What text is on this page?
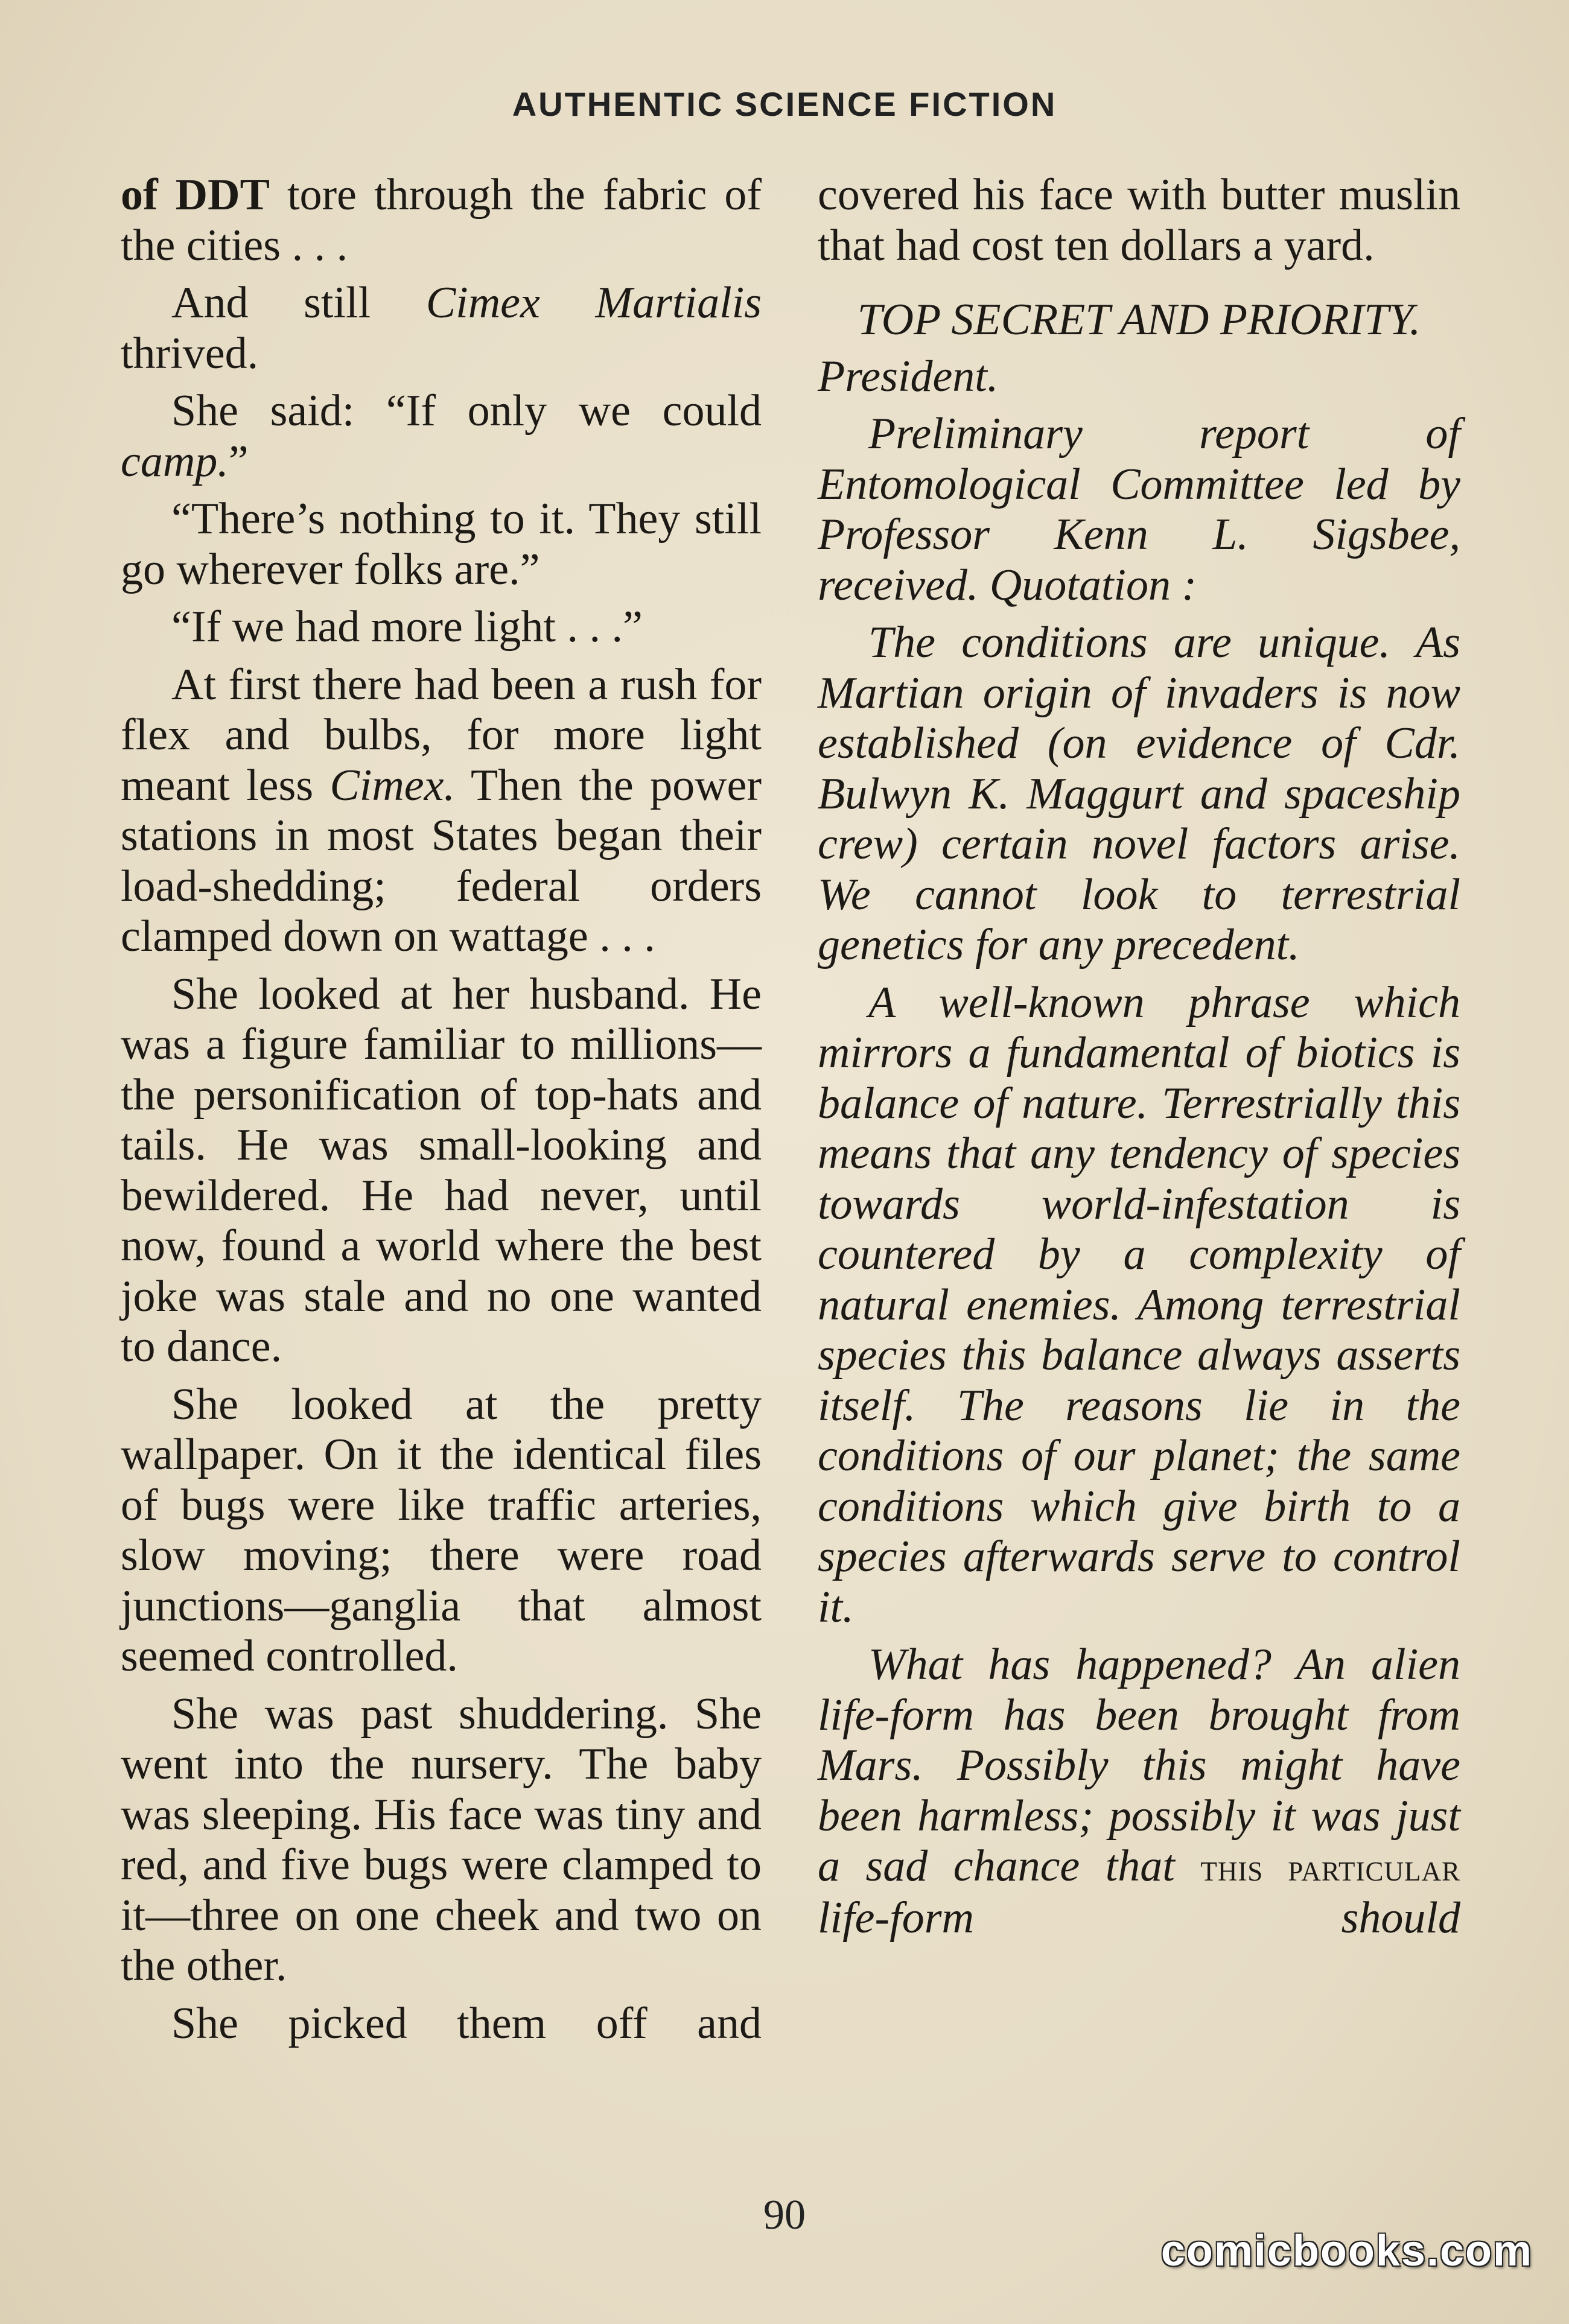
AUTHENTIC SCIENCE FICTION

of DDT tore through the fabric of the cities . . .

And still Cimex Martialis thrived.

She said: “If only we could camp.”

“There’s nothing to it. They still go wherever folks are.”

“If we had more light . . .”

At first there had been a rush for flex and bulbs, for more light meant less Cimex. Then the power stations in most States began their load-shedding; federal orders clamped down on wattage . . .

She looked at her husband. He was a figure familiar to millions—the personification of top-hats and tails. He was small-looking and bewildered. He had never, until now, found a world where the best joke was stale and no one wanted to dance.

She looked at the pretty wallpaper. On it the identical files of bugs were like traffic arteries, slow moving; there were road junctions—ganglia that almost seemed controlled.

She was past shuddering. She went into the nursery. The baby was sleeping. His face was tiny and red, and five bugs were clamped to it—three on one cheek and two on the other.

She picked them off and

covered his face with butter muslin that had cost ten dollars a yard.

TOP SECRET AND PRIORITY.

President.

Preliminary report of Entomological Committee led by Professor Kenn L. Sigsbee, received. Quotation :

The conditions are unique. As Martian origin of invaders is now established (on evidence of Cdr. Bulwyn K. Maggurt and spaceship crew) certain novel factors arise. We cannot look to terrestrial genetics for any precedent.

A well-known phrase which mirrors a fundamental of biotics is balance of nature. Terrestrially this means that any tendency of species towards world-infestation is countered by a complexity of natural enemies. Among terrestrial species this balance always asserts itself. The reasons lie in the conditions of our planet; the same conditions which give birth to a species afterwards serve to control it.

What has happened? An alien life-form has been brought from Mars. Possibly this might have been harmless; possibly it was just a sad chance that this particular life-form should

90
comicbooks.com
